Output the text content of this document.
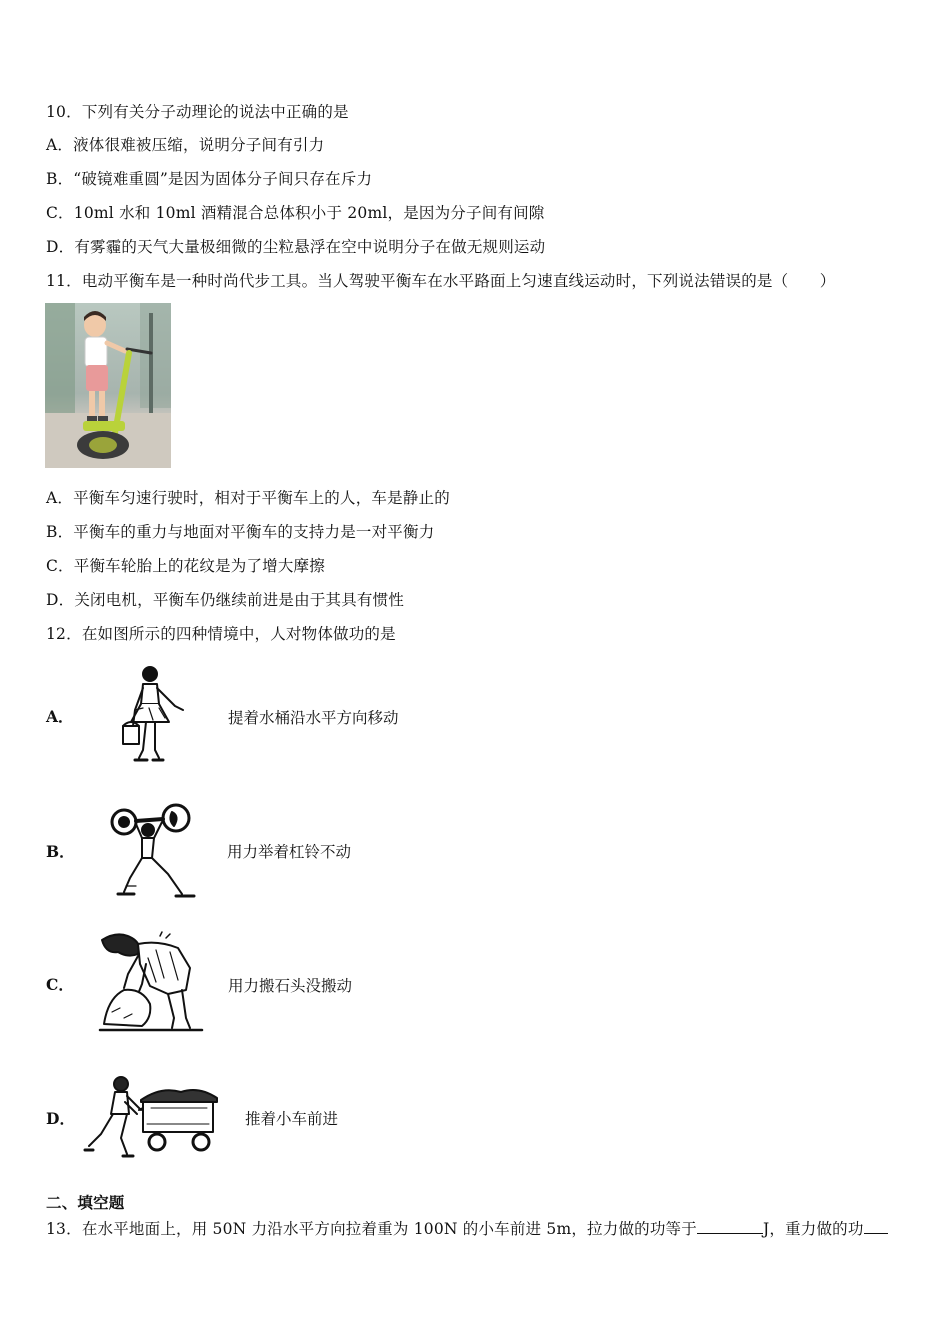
10．下列有关分子动理论的说法中正确的是
A．液体很难被压缩，说明分子间有引力
B．“破镜难重圆”是因为固体分子间只存在斥力
C．10ml 水和 10ml 酒精混合总体积小于 20ml，是因为分子间有间隙
D．有雾霾的天气大量极细微的尘粒悬浮在空中说明分子在做无规则运动
11．电动平衡车是一种时尚代步工具。当人驾驶平衡车在水平路面上匀速直线运动时，下列说法错误的是（　　）
A．平衡车匀速行驶时，相对于平衡车上的人，车是静止的
B．平衡车的重力与地面对平衡车的支持力是一对平衡力
C．平衡车轮胎上的花纹是为了增大摩擦
D．关闭电机，平衡车仍继续前进是由于其具有惯性
12．在如图所示的四种情境中，人对物体做功的是
A．	提着水桶沿水平方向移动
B．	用力举着杠铃不动
C．	用力搬石头没搬动
D．	推着小车前进
二、填空题
13．在水平地面上，用 50N 力沿水平方向拉着重为 100N 的小车前进 5m，拉力做的功等于	J，重力做的功
